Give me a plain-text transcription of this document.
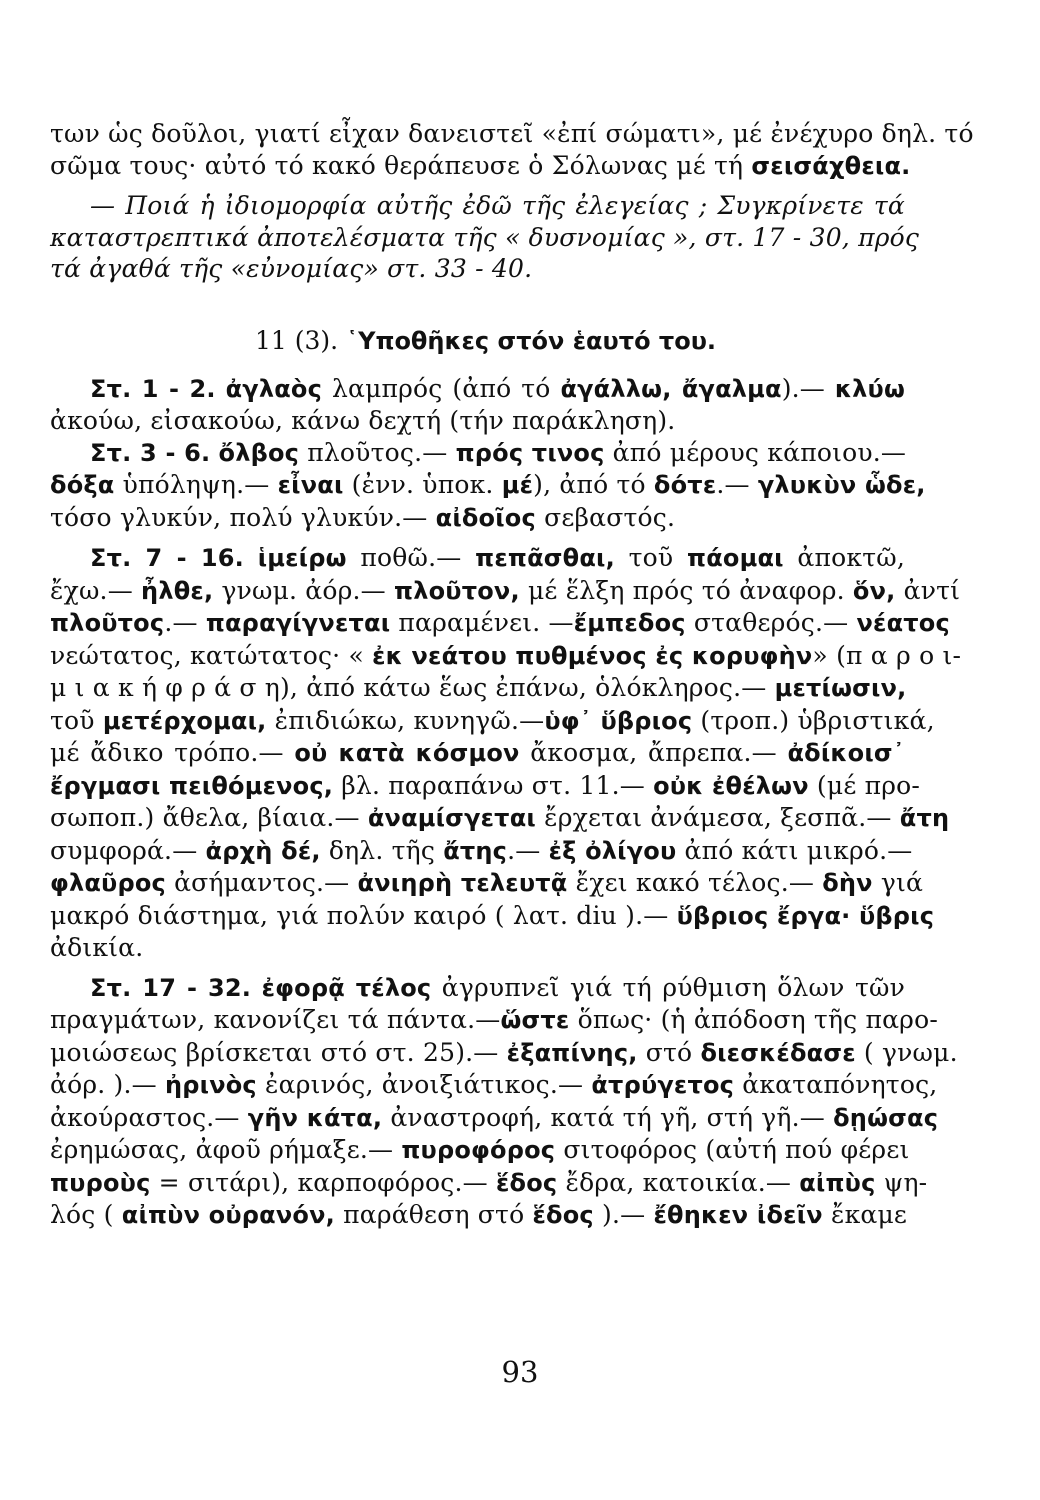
των ὡς δοῦλοι, γιατί εἶχαν δανειστεῖ «ἐπί σώματι», μέ ἐνέχυρο δηλ. τό
σῶμα τους· αὐτό τό κακό θεράπευσε ὁ Σόλωνας μέ τή σεισάχθεια.
— Ποιά ἡ ἰδιομορφία αὐτῆς ἐδῶ τῆς ἐλεγείας ; Συγκρίνετε τά
καταστρεπτικά ἀποτελέσματα τῆς « δυσνομίας », στ. 17 - 30, πρός
τά ἀγαθά τῆς «εὐνομίας» στ. 33 - 40.
11 (3). ῾Υποθῆκες στόν ἑαυτό του.
Στ. 1 - 2. ἀγλαὸς λαμπρός (ἀπό τό ἀγάλλω, ἄγαλμα).— κλύω
ἀκούω, εἰσακούω, κάνω δεχτή (τήν παράκληση).
Στ. 3 - 6. ὄλβος πλοῦτος.— πρός τινος ἀπό μέρους κάποιου.—
δόξα ὑπόληψη.— εἶναι (ἐνν. ὑποκ. μέ), ἀπό τό δότε.— γλυκὺν ὧδε,
τόσο γλυκύν, πολύ γλυκύν.— αἰδοῖος σεβαστός.
Στ. 7 - 16. ἱμείρω ποθῶ.— πεπᾶσθαι, τοῦ πάομαι ἀποκτῶ,
ἔχω.— ἦλθε, γνωμ. ἀόρ.— πλοῦτον, μέ ἕλξη πρός τό ἀναφορ. ὅν, ἀντί
πλοῦτος.— παραγίγνεται παραμένει. —ἔμπεδος σταθερός.— νέατος
νεώτατος, κατώτατος· « ἐκ νεάτου πυθμένος ἐς κορυφὴν» (π α ρ ο ι-
μ ι α κ ή φ ρ ά σ η), ἀπό κάτω ἕως ἐπάνω, ὁλόκληρος.— μετίωσιν,
τοῦ μετέρχομαι, ἐπιδιώκω, κυνηγῶ.—ὑφ᾿ ὕβριος (τροπ.) ὑβριστικά,
μέ ἄδικο τρόπο.— οὐ κατὰ κόσμον ἄκοσμα, ἄπρεπα.— ἀδίκοισ᾿
ἔργμασι πειθόμενος, βλ. παραπάνω στ. 11.— οὐκ ἐθέλων (μέ προ-
σωποπ.) ἄθελα, βίαια.— ἀναμίσγεται ἔρχεται ἀνάμεσα, ξεσπᾶ.— ἄτη
συμφορά.— ἀρχὴ δέ, δηλ. τῆς ἄτης.— ἐξ ὀλίγου ἀπό κάτι μικρό.—
φλαῦρος ἀσήμαντος.— ἀνιηρὴ τελευτᾷ ἔχει κακό τέλος.— δὴν γιά
μακρό διάστημα, γιά πολύν καιρό ( λατ. diu ).— ὕβριος ἔργα· ὕβρις
ἀδικία.
Στ. 17 - 32. ἐφορᾷ τέλος ἀγρυπνεῖ γιά τή ρύθμιση ὅλων τῶν
πραγμάτων, κανονίζει τά πάντα.—ὥστε ὅπως· (ἡ ἀπόδοση τῆς παρο-
μοιώσεως βρίσκεται στό στ. 25).— ἐξαπίνης, στό διεσκέδασε ( γνωμ.
ἀόρ. ).— ἠρινὸς ἐαρινός, ἀνοιξιάτικος.— ἀτρύγετος ἀκαταπόνητος,
ἀκούραστος.— γῆν κάτα, ἀναστροφή, κατά τή γῆ, στή γῆ.— δῃώσας
ἐρημώσας, ἀφοῦ ρήμαξε.— πυροφόρος σιτοφόρος (αὐτή πού φέρει
πυροὺς = σιτάρι), καρποφόρος.— ἕδος ἔδρα, κατοικία.— αἰπὺς ψη-
λός ( αἰπὺν οὐρανόν, παράθεση στό ἕδος ).— ἔθηκεν ἰδεῖν ἔκαμε
93
